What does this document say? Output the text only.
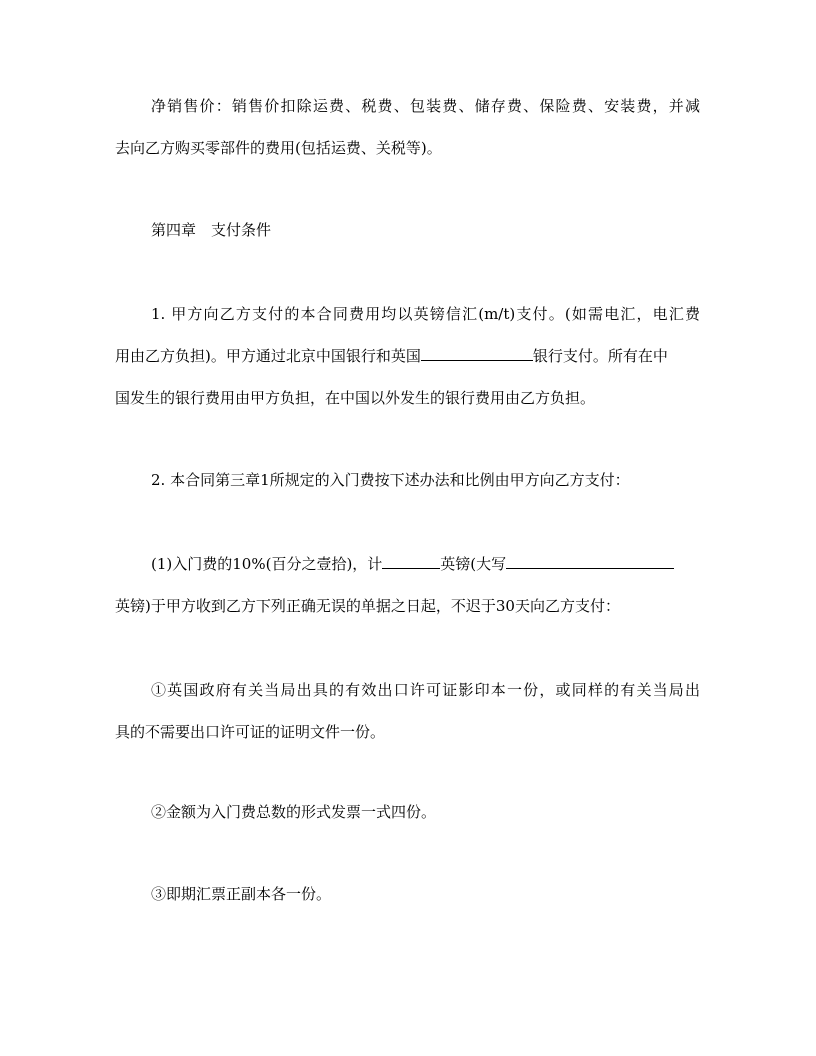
净销售价：销售价扣除运费、税费、包装费、储存费、保险费、安装费，并减
去向乙方购买零部件的费用(包括运费、关税等)。
第四章　支付条件
1. 甲方向乙方支付的本合同费用均以英镑信汇(m/t)支付。(如需电汇，电汇费
用由乙方负担)。甲方通过北京中国银行和英国	银行支付。所有在中
国发生的银行费用由甲方负担，在中国以外发生的银行费用由乙方负担。
2. 本合同第三章1所规定的入门费按下述办法和比例由甲方向乙方支付：
(1)入门费的10%(百分之壹拾)，计	英镑(大写
英镑)于甲方收到乙方下列正确无误的单据之日起，不迟于30天向乙方支付：
①英国政府有关当局出具的有效出口许可证影印本一份，或同样的有关当局出
具的不需要出口许可证的证明文件一份。
②金额为入门费总数的形式发票一式四份。
③即期汇票正副本各一份。
